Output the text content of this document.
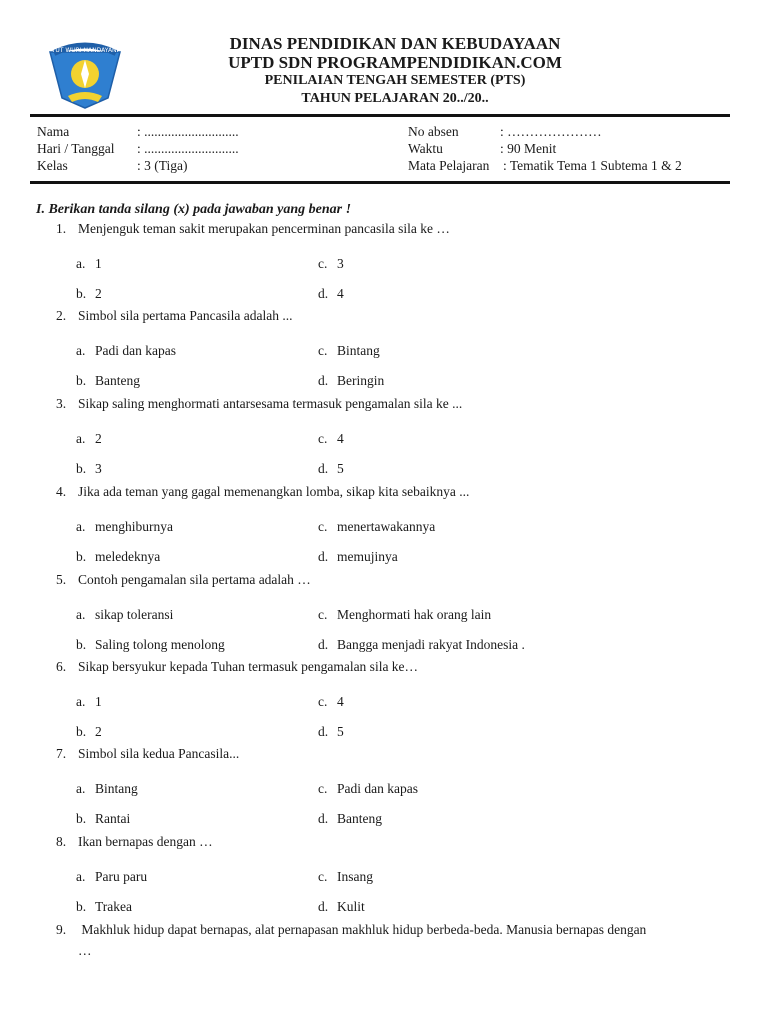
TUT WURI HANDAYANI	DINAS PENDIDIKAN DAN KEBUDAYAAN
UPTD SDN PROGRAMPENDIDIKAN.COM
PENILAIAN TENGAH SEMESTER (PTS)
TAHUN PELAJARAN 20../20..
Nama	: ............................
Hari / Tanggal : ............................
Kelas	: 3 (Tiga)
No absen	: …………………
Waktu	: 90 Menit
Mata Pelajaran : Tematik Tema 1 Subtema 1 & 2
I. Berikan tanda silang (x) pada jawaban yang benar !
1. Menjenguk teman sakit merupakan pencerminan pancasila sila ke …
a. 1	c. 3
b. 2	d. 4
2. Simbol sila pertama Pancasila adalah ...
a. Padi dan kapas	c. Bintang
b. Banteng	d. Beringin
3. Sikap saling menghormati antarsesama termasuk pengamalan sila ke ...
a. 2	c. 4
b. 3	d. 5
4. Jika ada teman yang gagal memenangkan lomba, sikap kita sebaiknya ...
a. menghiburnya	c. menertawakannya
b. meledeknya	d. memujinya
5. Contoh pengamalan sila pertama adalah …
a. sikap toleransi	c. Menghormati hak orang lain
b. Saling tolong menolong	d. Bangga menjadi rakyat Indonesia .
6. Sikap bersyukur kepada Tuhan termasuk pengamalan sila ke…
a. 1	c. 4
b. 2	d. 5
7. Simbol sila kedua Pancasila...
a. Bintang	c. Padi dan kapas
b. Rantai	d. Banteng
8. Ikan bernapas dengan …
a. Paru paru	c. Insang
b. Trakea	d. Kulit
9. Makhluk hidup dapat bernapas, alat pernapasan makhluk hidup berbeda-beda. Manusia bernapas dengan
…
